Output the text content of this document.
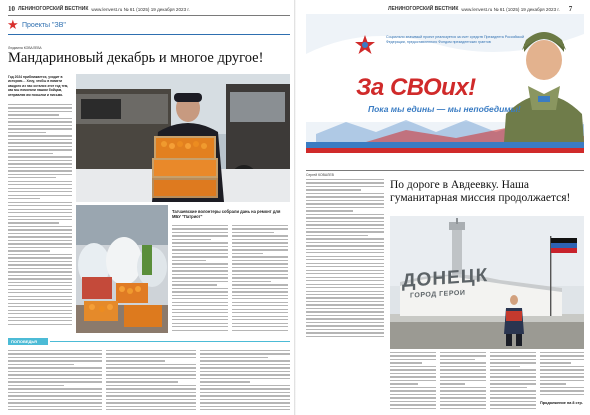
10 ЛЕНИНОГОРСКИЙ ВЕСТНИК www.lenvest.ru № 61 (1025) 19 декабря 2023 г.
★
Проекты "ЗВ"
Людмила КОВАЛЕВА
Мандариновый декабрь и многое другое!
Год 2024 приближается, уходит в историю… Хочу, чтобы в памяти каждого из нас остался этот год тем, как мы помогали нашим бойцам, отправляя им посылки и письма.
Тагчаевские волонтеры собрали дань на ремонт для МБУ "Патриот"
ПОПОВЕДЬЯ
ЛЕНИНОГОРСКИЙ ВЕСТНИК www.lenvest.ru № 61 (1025) 19 декабря 2023 г. 7
Социально значимый проект реализуется за счет средств Президента Российской Федерации, предоставленного Фондом президентских грантов
За СВОих!
Пока мы едины — мы непобедимы!
Сергей КОВАЛЕВ
По дороге в Авдеевку. Наша гуманитарная миссия продолжается!
ДОНЕЦК
ГОРОД ГЕРОЙ
Продолжение на 8 стр.
